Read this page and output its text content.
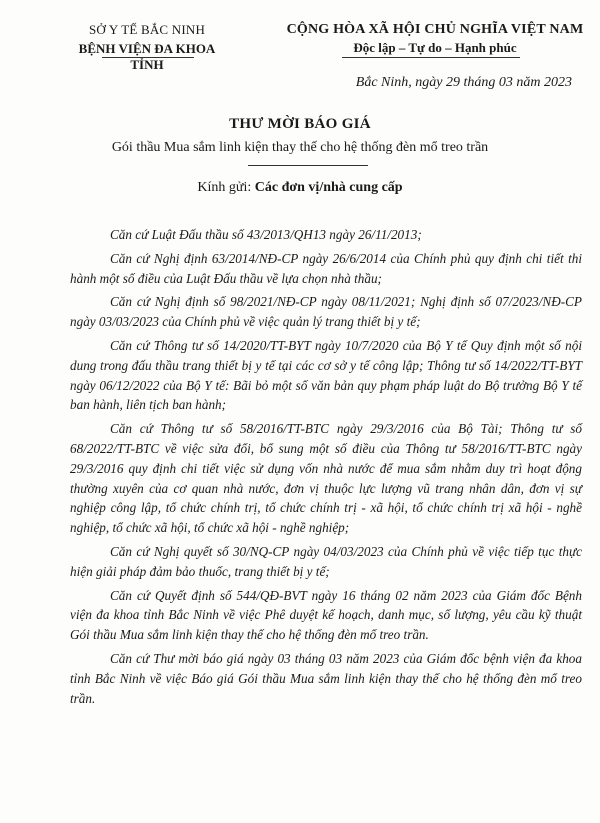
SỞ Y TẾ BẮC NINH
BỆNH VIỆN ĐA KHOA TỈNH
CỘNG HÒA XÃ HỘI CHỦ NGHĨA VIỆT NAM
Độc lập – Tự do – Hạnh phúc
Bắc Ninh, ngày 29 tháng 03 năm 2023
THƯ MỜI BÁO GIÁ
Gói thầu Mua sắm linh kiện thay thế cho hệ thống đèn mổ treo trần
Kính gửi: Các đơn vị/nhà cung cấp

Căn cứ Luật Đấu thầu số 43/2013/QH13 ngày 26/11/2013;

Căn cứ Nghị định 63/2014/NĐ-CP ngày 26/6/2014 của Chính phủ quy định chi tiết thi hành một số điều của Luật Đấu thầu về lựa chọn nhà thầu;

Căn cứ Nghị định số 98/2021/NĐ-CP ngày 08/11/2021; Nghị định số 07/2023/NĐ-CP ngày 03/03/2023 của Chính phủ về việc quản lý trang thiết bị y tế;

Căn cứ Thông tư số 14/2020/TT-BYT ngày 10/7/2020 của Bộ Y tế Quy định một số nội dung trong đấu thầu trang thiết bị y tế tại các cơ sở y tế công lập; Thông tư số 14/2022/TT-BYT ngày 06/12/2022 của Bộ Y tế: Bãi bỏ một số văn bản quy phạm pháp luật do Bộ trưởng Bộ Y tế ban hành, liên tịch ban hành;

Căn cứ Thông tư số 58/2016/TT-BTC ngày 29/3/2016 của Bộ Tài; Thông tư số 68/2022/TT-BTC về việc sửa đổi, bổ sung một số điều của Thông tư 58/2016/TT-BTC ngày 29/3/2016 quy định chi tiết việc sử dụng vốn nhà nước để mua sắm nhằm duy trì hoạt động thường xuyên của cơ quan nhà nước, đơn vị thuộc lực lượng vũ trang nhân dân, đơn vị sự nghiệp công lập, tổ chức chính trị, tổ chức chính trị - xã hội, tổ chức chính trị xã hội - nghề nghiệp, tổ chức xã hội, tổ chức xã hội - nghề nghiệp;

Căn cứ Nghị quyết số 30/NQ-CP ngày 04/03/2023 của Chính phủ về việc tiếp tục thực hiện giải pháp đảm bảo thuốc, trang thiết bị y tế;

Căn cứ Quyết định số 544/QĐ-BVT ngày 16 tháng 02 năm 2023 của Giám đốc Bệnh viện đa khoa tỉnh Bắc Ninh về việc Phê duyệt kế hoạch, danh mục, số lượng, yêu cầu kỹ thuật Gói thầu Mua sắm linh kiện thay thế cho hệ thống đèn mổ treo trần.

Căn cứ Thư mời báo giá ngày 03 tháng 03 năm 2023 của Giám đốc bệnh viện đa khoa tỉnh Bắc Ninh về việc Báo giá Gói thầu Mua sắm linh kiện thay thế cho hệ thống đèn mổ treo trần.
